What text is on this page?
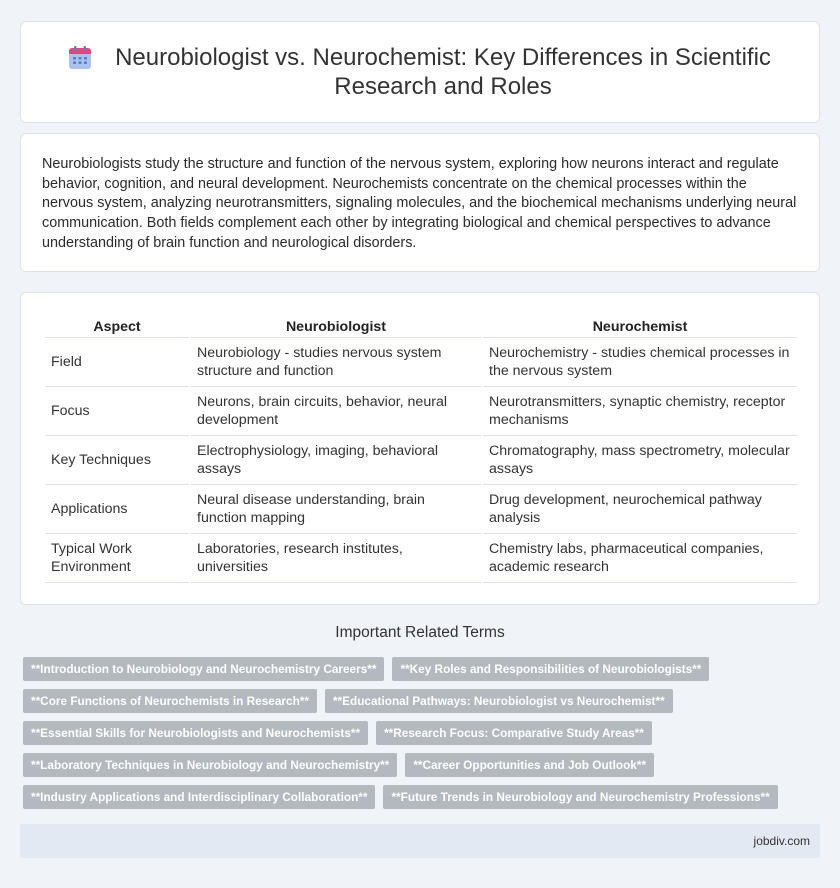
Neurobiologist vs. Neurochemist: Key Differences in Scientific Research and Roles

Neurobiologists study the structure and function of the nervous system, exploring how neurons interact and regulate behavior, cognition, and neural development. Neurochemists concentrate on the chemical processes within the nervous system, analyzing neurotransmitters, signaling molecules, and the biochemical mechanisms underlying neural communication. Both fields complement each other by integrating biological and chemical perspectives to advance understanding of brain function and neurological disorders.

Aspect	Neurobiologist	Neurochemist
Field	Neurobiology - studies nervous system structure and function	Neurochemistry - studies chemical processes in the nervous system
Focus	Neurons, brain circuits, behavior, neural development	Neurotransmitters, synaptic chemistry, receptor mechanisms
Key Techniques	Electrophysiology, imaging, behavioral assays	Chromatography, mass spectrometry, molecular assays
Applications	Neural disease understanding, brain function mapping	Drug development, neurochemical pathway analysis
Typical Work Environment	Laboratories, research institutes, universities	Chemistry labs, pharmaceutical companies, academic research
Important Related Terms
**Introduction to Neurobiology and Neurochemistry Careers**	**Key Roles and Responsibilities of Neurobiologists**
**Core Functions of Neurochemists in Research**	**Educational Pathways: Neurobiologist vs Neurochemist**
**Essential Skills for Neurobiologists and Neurochemists**	**Research Focus: Comparative Study Areas**
**Laboratory Techniques in Neurobiology and Neurochemistry**	**Career Opportunities and Job Outlook**
**Industry Applications and Interdisciplinary Collaboration**	**Future Trends in Neurobiology and Neurochemistry Professions**
jobdiv.com
